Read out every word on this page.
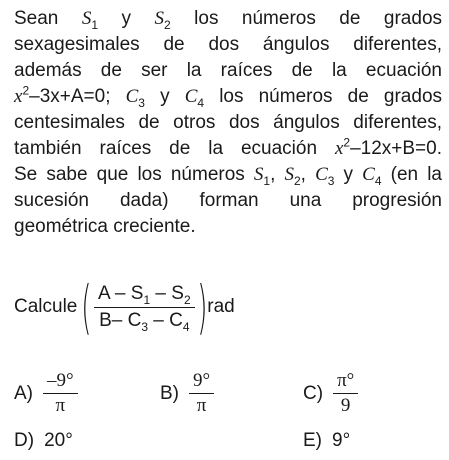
Sean $S_1$ y $S_2$ los números de grados
sexagesimales de dos ángulos diferentes,
además de ser la raíces de la ecuación
$x^2-3x+A=0$; $C_3$ y $C_4$ los números de grados
centesimales de otros dos ángulos diferentes,
también raíces de la ecuación $x^2-12x+B=0$.
Se sabe que los números $S_1$, $S_2$, $C_3$ y $C_4$ (en la
sucesión dada) forman una progresión
geométrica creciente.
Calcule ( $\frac{A - S_1 - S_2}{B- C_3 - C_4}$ ) rad
$A) \frac{-9^\circ}{\pi}$	$B) \frac{9^\circ}{\pi}$	$C) \frac{\pi^\circ}{9}$
D) 20°	E) 9°
